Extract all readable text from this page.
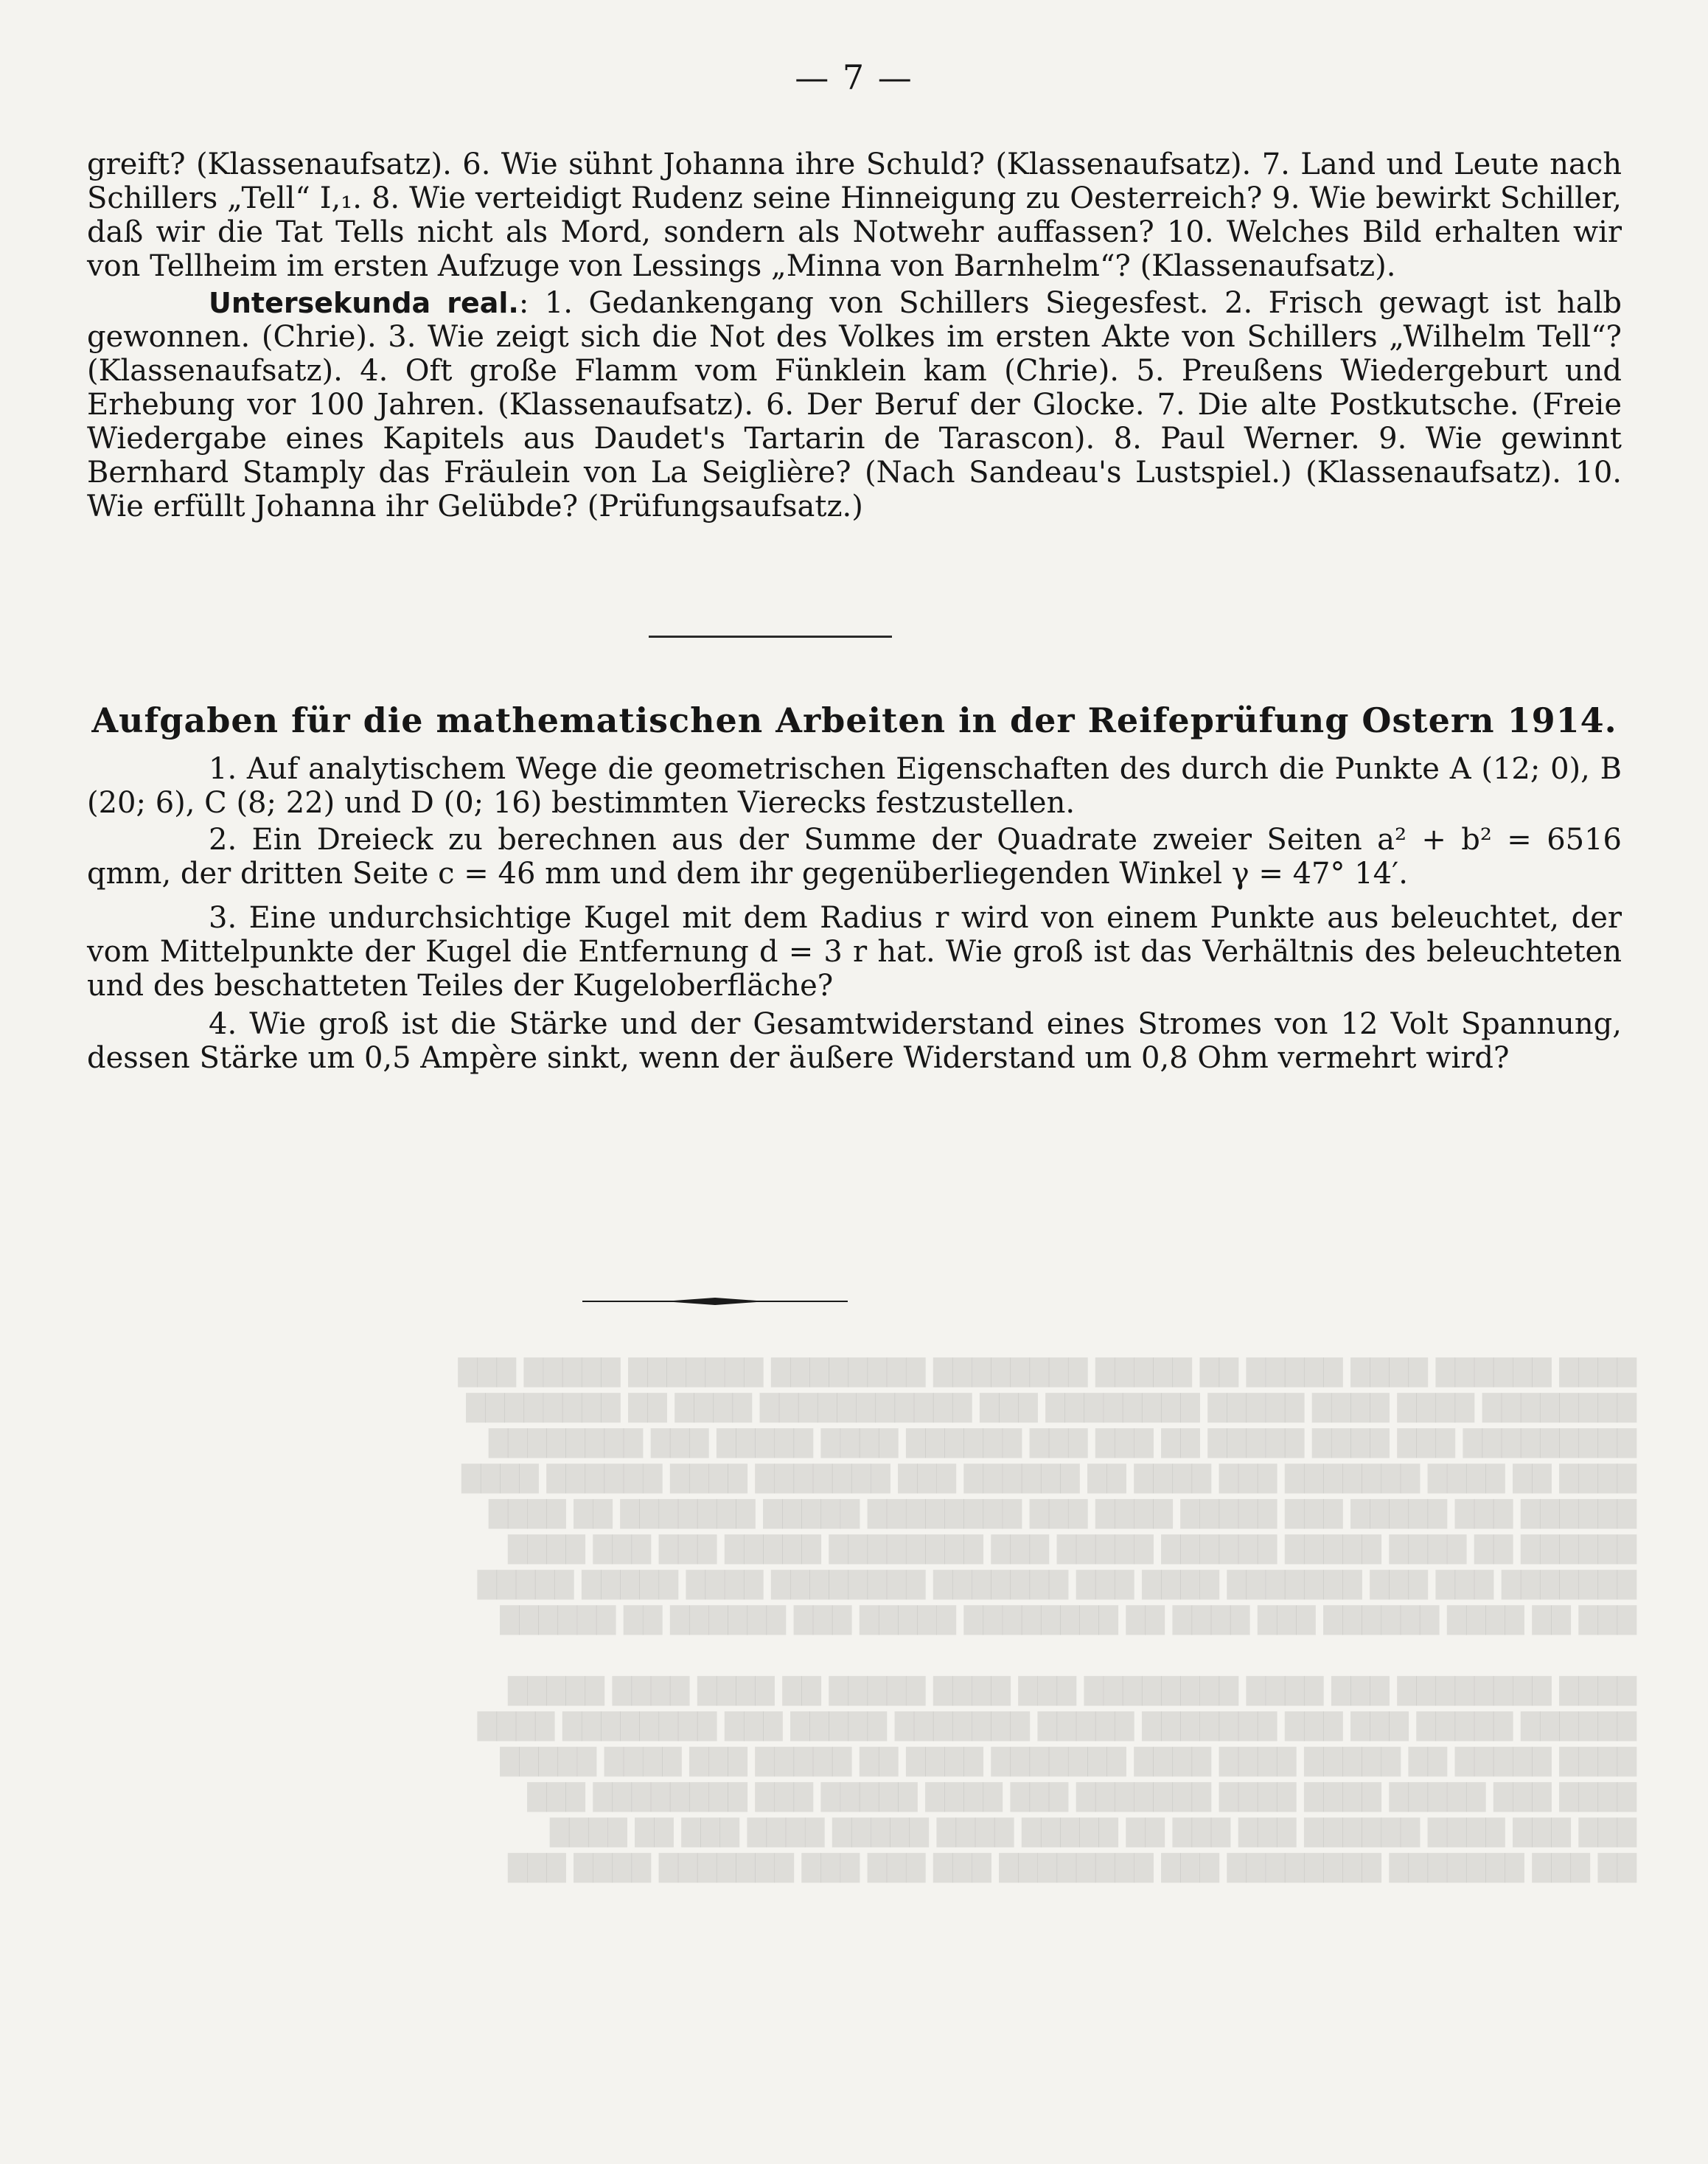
████ ██████ ████ █████ ██ █████ ████████ ████████ ███████ █████ ███
████████ ████ ████ █████ ████████ ███ ███████████ ████ ██ ████████
█████████ ███ ████ █████ ██ ███ ███ ██████ ████ █████ ███ ████████
████ ██ ████ ███████ ███ ████ ██ ██████ ███ ███████ ████ ██████ ████
██████ ███ █████ ███ █████ ████ ███ ████████ █████ ███████ ██ ████
██████ ██ ████ █████ ██████ █████ ███ ████████ █████ ███ ███ ████
███████ ███ ███ ███████ ████ ███ ███████ ████████ ████ █████ █████
███ ██ ████ ██████ ███ ████ ██ ████████ █████ ███ ██████ ██ ██████

████ ████████ ███ ████ ████████ ███ ████ █████ ██ ████ ████ █████
██████ █████ ███ ███ ███████ █████ ███████ █████ ███ ████████ ████
████ █████ ██ █████ ████ ████ ███████ ████ ██ █████ ███ ████ █████
████ ███ █████ ████ ████ ███████ ███ ████ █████ ███ ████████ ███
███ ███ ████ ██████ ███ ███ ██ █████ ████ █████ ████ ███ ██ ████
██ ███ ███████ ████████ ███ ████████ ███ ███ ███ ███████ ████ ███

— 7 —

greift? (Klassenaufsatz). 6. Wie sühnt Johanna ihre Schuld? (Klassenaufsatz). 7. Land und Leute nach Schillers „Tell“ I,₁. 8. Wie verteidigt Rudenz seine Hinneigung zu Oesterreich? 9. Wie bewirkt Schiller, daß wir die Tat Tells nicht als Mord, sondern als Notwehr auffassen? 10. Welches Bild erhalten wir von Tellheim im ersten Aufzuge von Lessings „Minna von Barnhelm“? (Klassenaufsatz).

Untersekunda real.: 1. Gedankengang von Schillers Siegesfest. 2. Frisch gewagt ist halb gewonnen. (Chrie). 3. Wie zeigt sich die Not des Volkes im ersten Akte von Schillers „Wilhelm Tell“? (Klassenaufsatz). 4. Oft große Flamm vom Fünklein kam (Chrie). 5. Preußens Wiedergeburt und Erhebung vor 100 Jahren. (Klassenaufsatz). 6. Der Beruf der Glocke. 7. Die alte Postkutsche. (Freie Wiedergabe eines Kapitels aus Daudet's Tartarin de Tarascon). 8. Paul Werner. 9. Wie gewinnt Bernhard Stamply das Fräulein von La Seiglière? (Nach Sandeau's Lustspiel.) (Klassenaufsatz). 10. Wie erfüllt Johanna ihr Gelübde? (Prüfungsaufsatz.)

Aufgaben für die mathematischen Arbeiten in der Reifeprüfung Ostern 1914.

1. Auf analytischem Wege die geometrischen Eigenschaften des durch die Punkte A (12; 0), B (20; 6), C (8; 22) und D (0; 16) bestimmten Vierecks festzustellen.

2. Ein Dreieck zu berechnen aus der Summe der Quadrate zweier Seiten a² + b² = 6516 qmm, der dritten Seite c = 46 mm und dem ihr gegenüberliegenden Winkel γ = 47° 14′.

3. Eine undurchsichtige Kugel mit dem Radius r wird von einem Punkte aus beleuchtet, der vom Mittelpunkte der Kugel die Entfernung d = 3 r hat. Wie groß ist das Verhältnis des beleuchteten und des beschatteten Teiles der Kugeloberfläche?

4. Wie groß ist die Stärke und der Gesamtwiderstand eines Stromes von 12 Volt Spannung, dessen Stärke um 0,5 Ampère sinkt, wenn der äußere Widerstand um 0,8 Ohm vermehrt wird?
